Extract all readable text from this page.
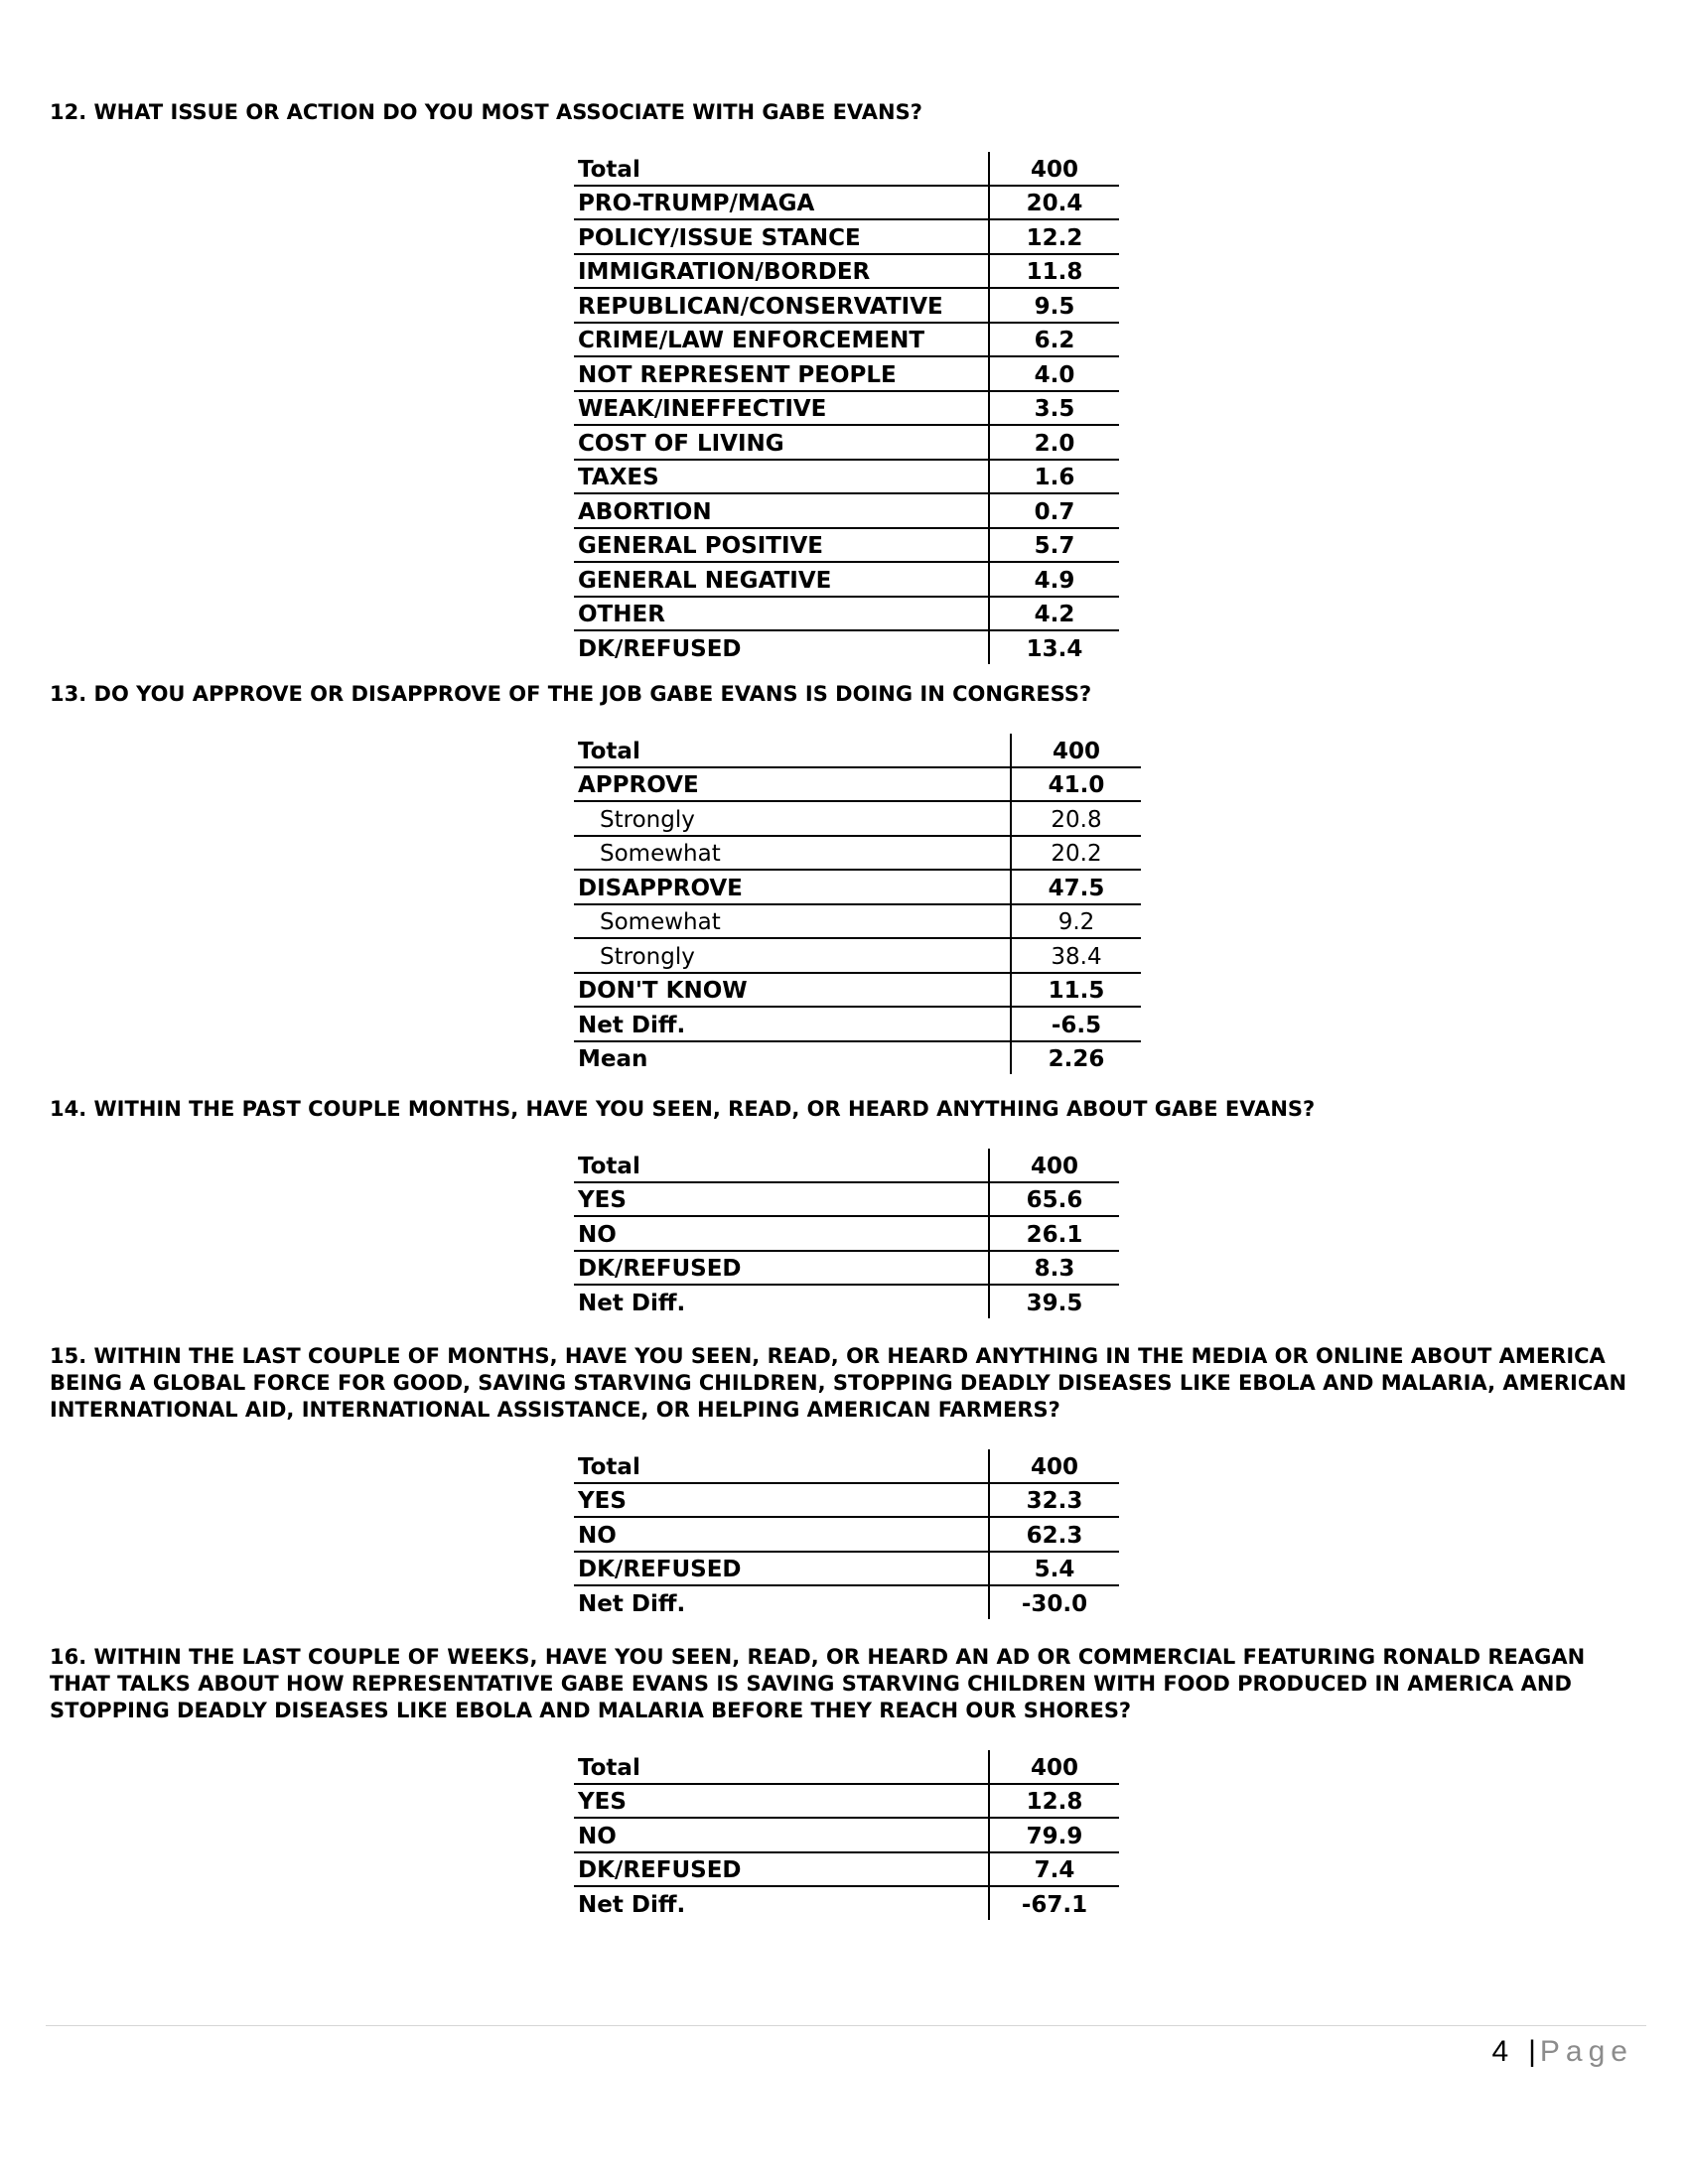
12. WHAT ISSUE OR ACTION DO YOU MOST ASSOCIATE WITH GABE EVANS?

Total	400
PRO-TRUMP/MAGA	20.4
POLICY/ISSUE STANCE	12.2
IMMIGRATION/BORDER	11.8
REPUBLICAN/CONSERVATIVE	9.5
CRIME/LAW ENFORCEMENT	6.2
NOT REPRESENT PEOPLE	4.0
WEAK/INEFFECTIVE	3.5
COST OF LIVING	2.0
TAXES	1.6
ABORTION	0.7
GENERAL POSITIVE	5.7
GENERAL NEGATIVE	4.9
OTHER	4.2
DK/REFUSED	13.4

13. DO YOU APPROVE OR DISAPPROVE OF THE JOB GABE EVANS IS DOING IN CONGRESS?

Total	400
APPROVE	41.0
Strongly	20.8
Somewhat	20.2
DISAPPROVE	47.5
Somewhat	9.2
Strongly	38.4
DON'T KNOW	11.5
Net Diff.	-6.5
Mean	2.26

14. WITHIN THE PAST COUPLE MONTHS, HAVE YOU SEEN, READ, OR HEARD ANYTHING ABOUT GABE EVANS?

Total	400
YES	65.6
NO	26.1
DK/REFUSED	8.3
Net Diff.	39.5

15. WITHIN THE LAST COUPLE OF MONTHS, HAVE YOU SEEN, READ, OR HEARD ANYTHING IN THE MEDIA OR ONLINE ABOUT AMERICA BEING A GLOBAL FORCE FOR GOOD, SAVING STARVING CHILDREN, STOPPING DEADLY DISEASES LIKE EBOLA AND MALARIA, AMERICAN INTERNATIONAL AID, INTERNATIONAL ASSISTANCE, OR HELPING AMERICAN FARMERS?

Total	400
YES	32.3
NO	62.3
DK/REFUSED	5.4
Net Diff.	-30.0

16. WITHIN THE LAST COUPLE OF WEEKS, HAVE YOU SEEN, READ, OR HEARD AN AD OR COMMERCIAL FEATURING RONALD REAGAN THAT TALKS ABOUT HOW REPRESENTATIVE GABE EVANS IS SAVING STARVING CHILDREN WITH FOOD PRODUCED IN AMERICA AND STOPPING DEADLY DISEASES LIKE EBOLA AND MALARIA BEFORE THEY REACH OUR SHORES?

Total	400
YES	12.8
NO	79.9
DK/REFUSED	7.4
Net Diff.	-67.1
4 | Page
